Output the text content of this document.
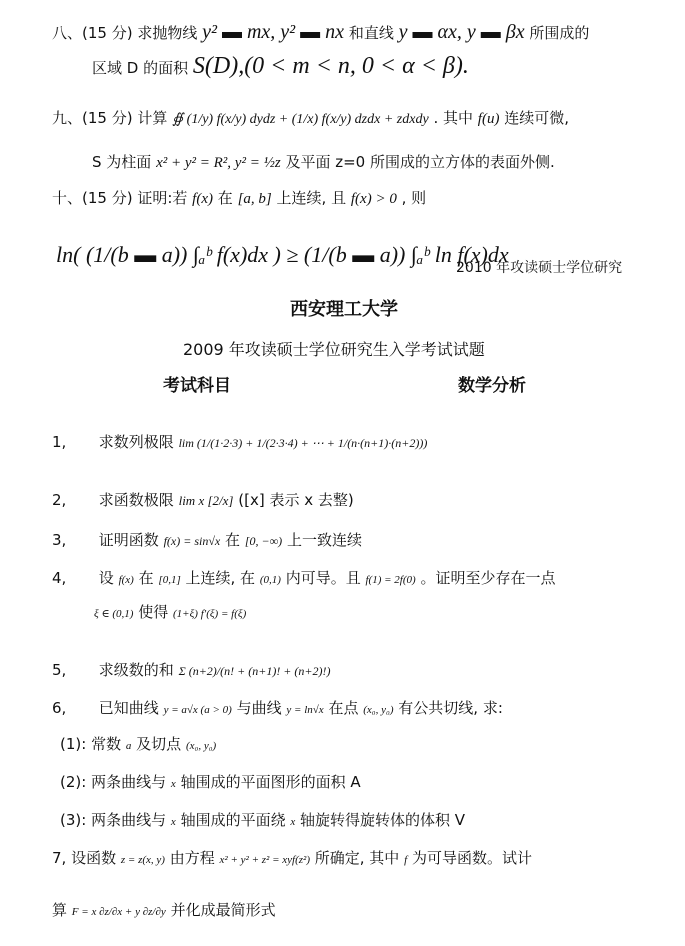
八、(15 分) 求抛物线 y² ▬ mx, y² ▬ nx 和直线 y ▬ αx, y ▬ βx 所围成的
区域 D 的面积 S(D),(0 < m < n, 0 < α < β).
九、(15 分) 计算 ∯ (1/y) f(x/y) dydz + (1/x) f(x/y) dzdx + zdxdy . 其中 f(u) 连续可微,
S 为柱面 x² + y² = R², y² = ½z 及平面 z=0 所围成的立方体的表面外侧.
十、(15 分) 证明:若 f(x) 在 [a, b] 上连续, 且 f(x) > 0 , 则
ln( (1/(b ▬ a)) ∫ₐᵇ f(x)dx ) ≥ (1/(b ▬ a)) ∫ₐᵇ ln f(x)dx
2010 年攻读硕士学位研究
西安理工大学
2009 年攻读硕士学位研究生入学考试试题
考试科目	数学分析
1, 求数列极限 lim (1/(1·2·3) + 1/(2·3·4) + ⋯ + 1/(n·(n+1)·(n+2)))
2, 求函数极限 lim x [2/x] ([x] 表示 x 去整)
3, 证明函数 f(x) = sin√x 在 [0, −∞) 上一致连续
4, 设 f(x) 在 [0,1] 上连续, 在 (0,1) 内可导。且 f(1) = 2f(0) 。证明至少存在一点
ξ ∈ (0,1) 使得 (1+ξ) f′(ξ) = f(ξ)
5, 求级数的和 Σ (n+2)/(n! + (n+1)! + (n+2)!)
6, 已知曲线 y = a√x (a > 0) 与曲线 y = ln√x 在点 (x₀, y₀) 有公共切线, 求:
(1): 常数 a 及切点 (x₀, y₀)
(2): 两条曲线与 x 轴围成的平面图形的面积 A
(3): 两条曲线与 x 轴围成的平面绕 x 轴旋转得旋转体的体积 V
7, 设函数 z = z(x, y) 由方程 x² + y² + z² = xyf(z²) 所确定, 其中 f 为可导函数。试计
算 F = x ∂z/∂x + y ∂z/∂y 并化成最简形式
